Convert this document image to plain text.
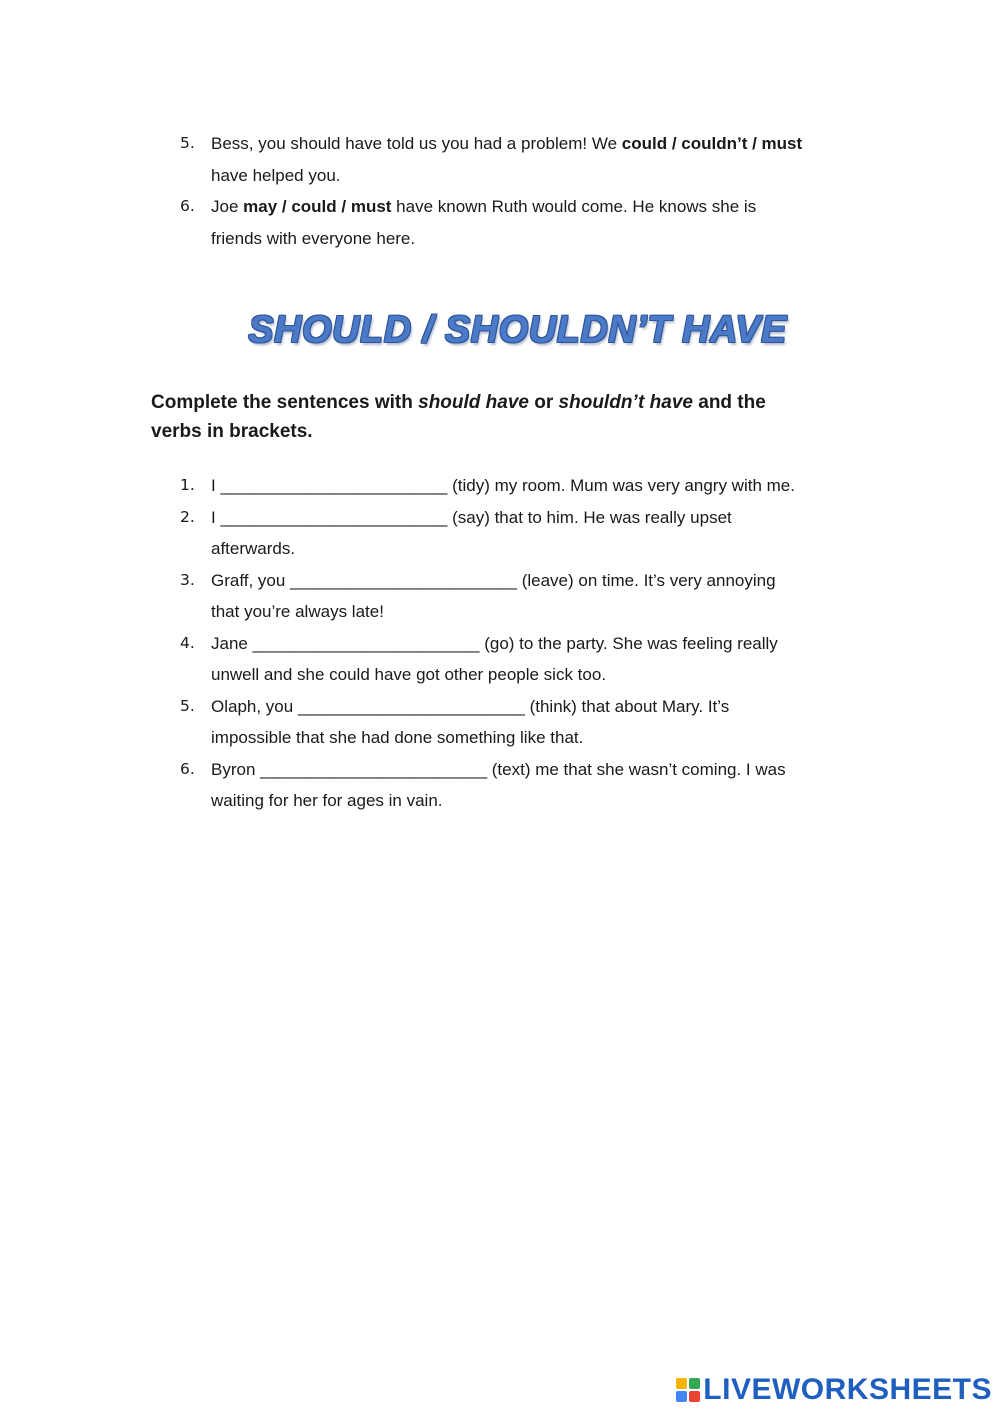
5. Bess, you should have told us you had a problem! We could / couldn’t / must
have helped you.
6. Joe may / could / must have known Ruth would come. He knows she is
friends with everyone here.
SHOULD / SHOULDN’T HAVE

Complete the sentences with should have or shouldn’t have and the
verbs in brackets.

1. I ________________________ (tidy) my room. Mum was very angry with me.
2. I ________________________ (say) that to him. He was really upset
afterwards.
3. Graff, you ________________________ (leave) on time. It’s very annoying
that you’re always late!
4. Jane ________________________ (go) to the party. She was feeling really
unwell and she could have got other people sick too.
5. Olaph, you ________________________ (think) that about Mary. It’s
impossible that she had done something like that.
6. Byron ________________________ (text) me that she wasn’t coming. I was
waiting for her for ages in vain.
LIVEWORKSHEETS
